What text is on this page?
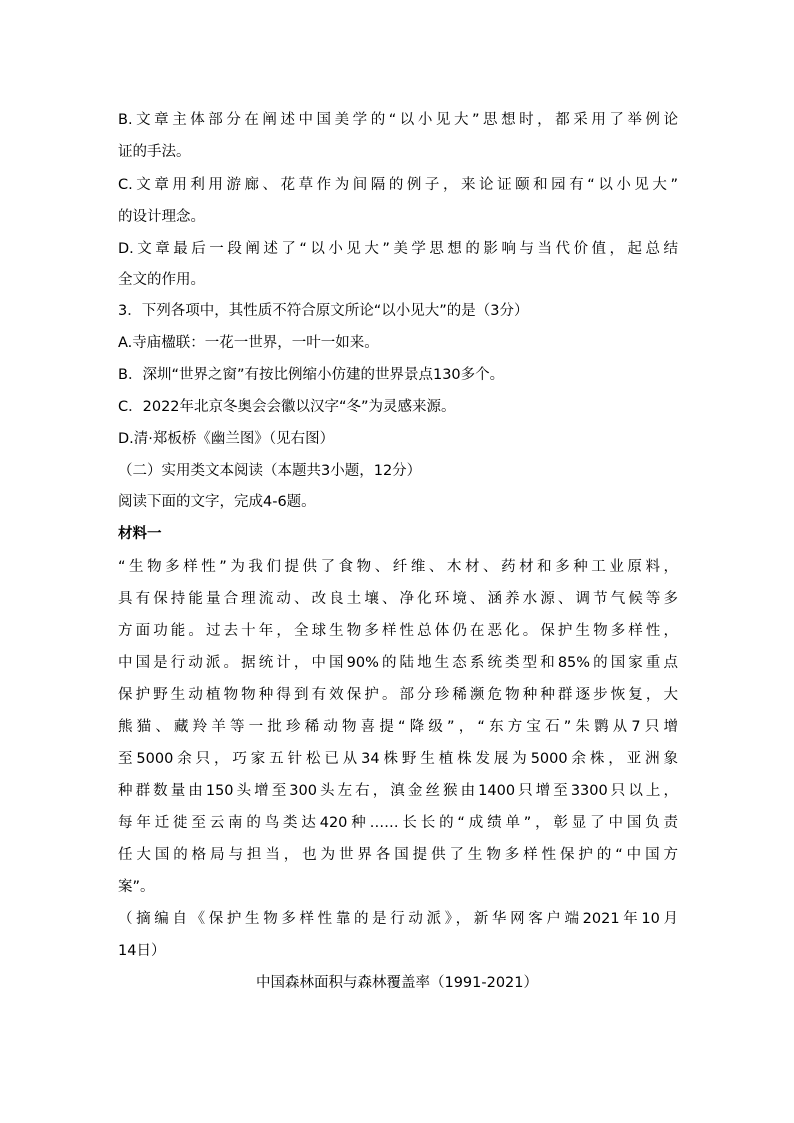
B.文章主体部分在阐述中国美学的“以小见大”思想时，都采用了举例论
证的手法。
C.文章用利用游廊、花草作为间隔的例子，来论证颐和园有“以小见大”
的设计理念。
D.文章最后一段阐述了“以小见大”美学思想的影响与当代价值，起总结
全文的作用。
3．下列各项中，其性质不符合原文所论“以小见大”的是（3分）
A.寺庙楹联：一花一世界，一叶一如来。
B．深圳“世界之窗”有按比例缩小仿建的世界景点130多个。
C．2022年北京冬奥会会徽以汉字“冬”为灵感来源。
D.清·郑板桥《幽兰图》（见右图）
（二）实用类文本阅读（本题共3小题，12分）
阅读下面的文字，完成4-6题。
材料一
“生物多样性”为我们提供了食物、纤维、木材、药材和多种工业原料，
具有保持能量合理流动、改良土壤、净化环境、涵养水源、调节气候等多
方面功能。过去十年，全球生物多样性总体仍在恶化。保护生物多样性，
中国是行动派。据统计，中国90%的陆地生态系统类型和85%的国家重点
保护野生动植物物种得到有效保护。部分珍稀濒危物种种群逐步恢复，大
熊猫、藏羚羊等一批珍稀动物喜提“降级”，“东方宝石”朱鹮从7只增
至5000余只，巧家五针松已从34株野生植株发展为5000余株，亚洲象
种群数量由150头增至300头左右，滇金丝猴由1400只增至3300只以上，
每年迁徙至云南的鸟类达420种……长长的“成绩单”，彰显了中国负责
任大国的格局与担当，也为世界各国提供了生物多样性保护的“中国方
案”。
（摘编自《保护生物多样性靠的是行动派》，新华网客户端2021年10月
14日）
中国森林面积与森林覆盖率（1991-2021）
